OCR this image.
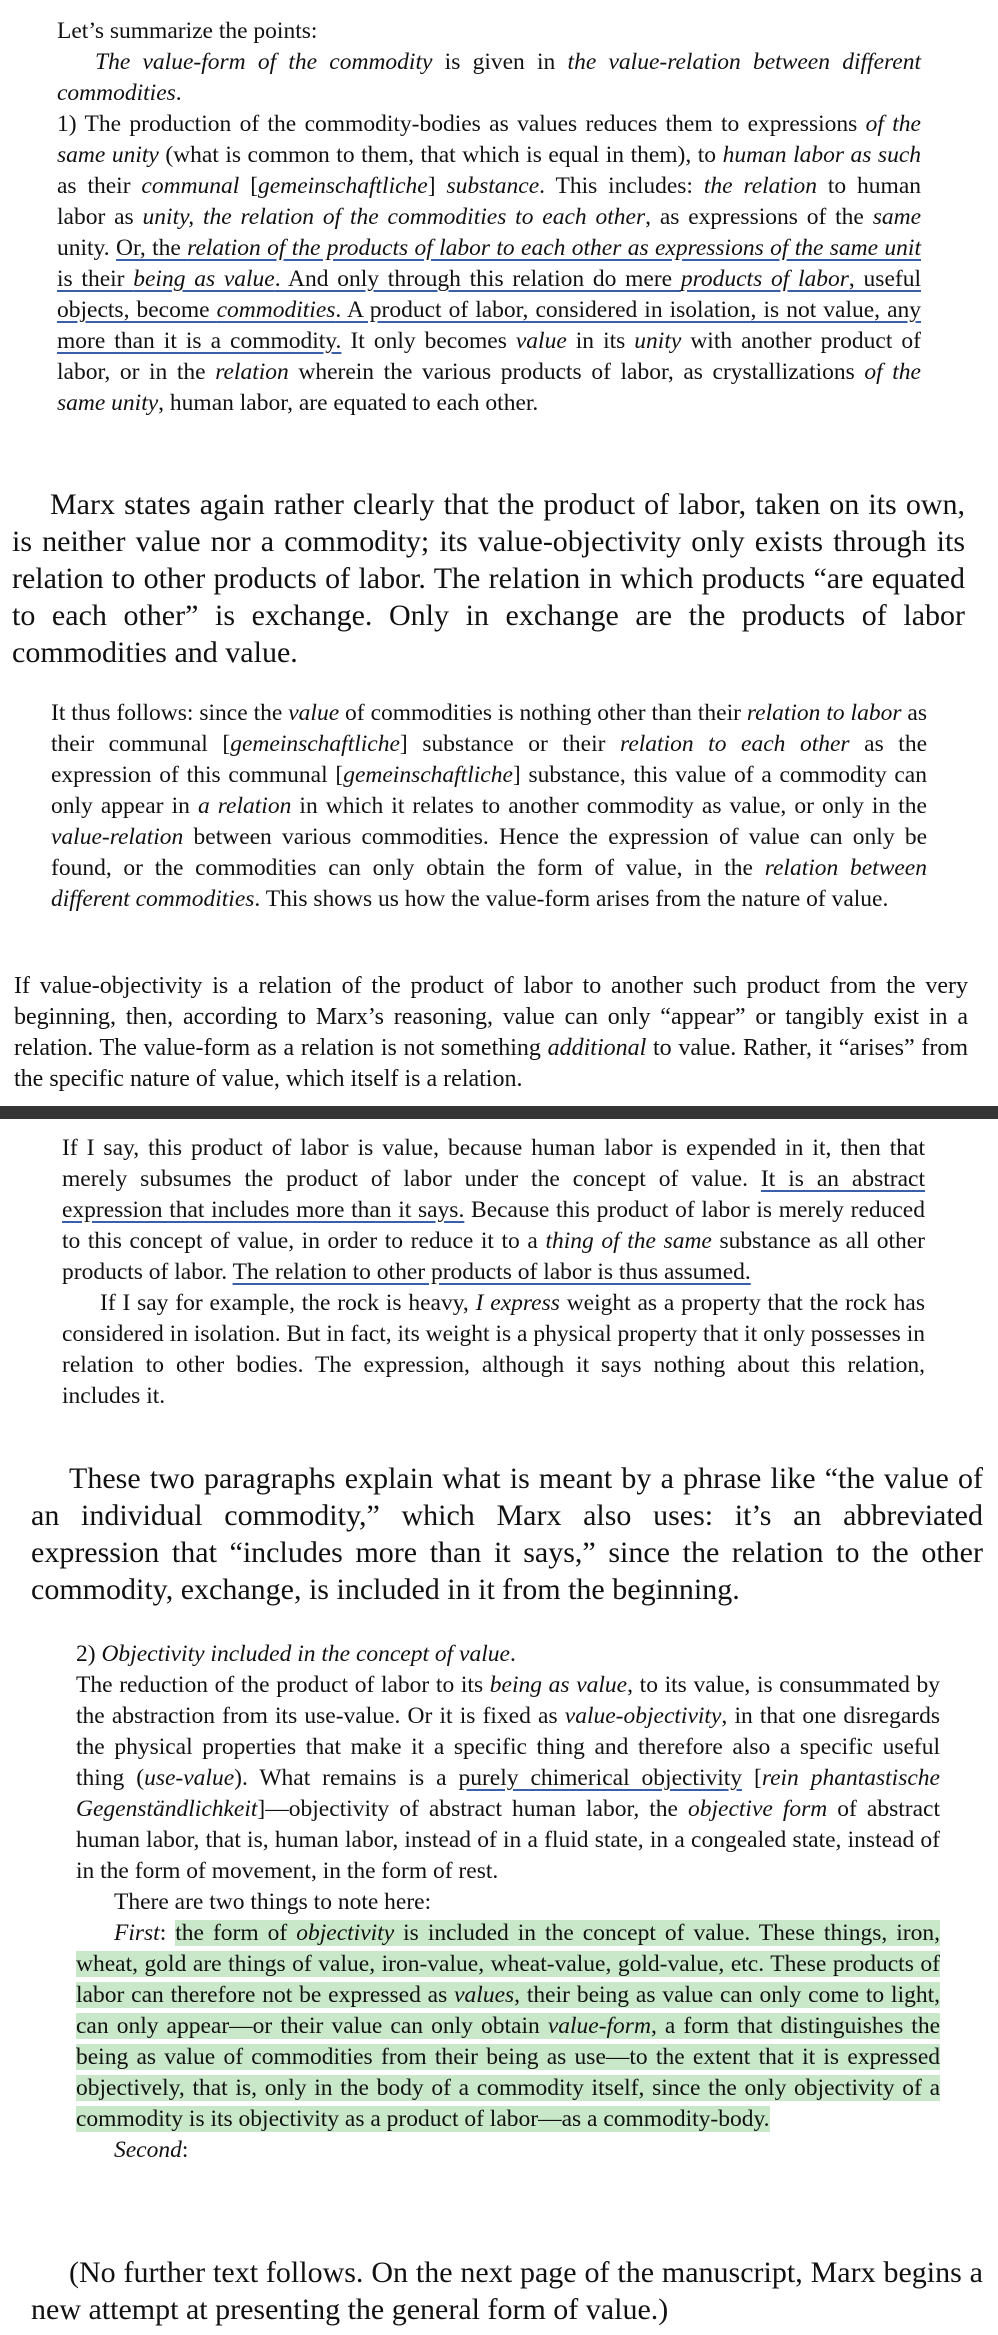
Let’s summarize the points:

The value-form of the commodity is given in the value-relation between different commodities.

1) The production of the commodity-bodies as values reduces them to expressions of the same unity (what is common to them, that which is equal in them), to human labor as such as their communal [gemeinschaftliche] substance. This includes: the relation to human labor as unity, the relation of the commodities to each other, as expressions of the same unity. Or, the relation of the products of labor to each other as expressions of the same unit is their being as value. And only through this relation do mere products of labor, useful objects, become commodities. A product of labor, considered in isolation, is not value, any more than it is a commodity. It only becomes value in its unity with another product of labor, or in the relation wherein the various products of labor, as crystallizations of the same unity, human labor, are equated to each other.

Marx states again rather clearly that the product of labor, taken on its own, is neither value nor a commodity; its value-objectivity only exists through its relation to other products of labor. The relation in which products “are equated to each other” is exchange. Only in exchange are the products of labor commodities and value.

It thus follows: since the value of commodities is nothing other than their relation to labor as their communal [gemeinschaftliche] substance or their relation to each other as the expression of this communal [gemeinschaftliche] substance, this value of a commodity can only appear in a relation in which it relates to another commodity as value, or only in the value-relation between various commodities. Hence the expression of value can only be found, or the commodities can only obtain the form of value, in the relation between different commodities. This shows us how the value-form arises from the nature of value.

If value-objectivity is a relation of the product of labor to another such product from the very beginning, then, according to Marx’s reasoning, value can only “appear” or tangibly exist in a relation. The value-form as a relation is not something additional to value. Rather, it “arises” from the specific nature of value, which itself is a relation.

If I say, this product of labor is value, because human labor is expended in it, then that merely subsumes the product of labor under the concept of value. It is an abstract expression that includes more than it says. Because this product of labor is merely reduced to this concept of value, in order to reduce it to a thing of the same substance as all other products of labor. The relation to other products of labor is thus assumed.

If I say for example, the rock is heavy, I express weight as a property that the rock has considered in isolation. But in fact, its weight is a physical property that it only possesses in relation to other bodies. The expression, although it says nothing about this relation, includes it.

These two paragraphs explain what is meant by a phrase like “the value of an individual commodity,” which Marx also uses: it’s an abbreviated expression that “includes more than it says,” since the relation to the other commodity, exchange, is included in it from the beginning.

2) Objectivity included in the concept of value.

The reduction of the product of labor to its being as value, to its value, is consummated by the abstraction from its use-value. Or it is fixed as value-objectivity, in that one disregards the physical properties that make it a specific thing and therefore also a specific useful thing (use-value). What remains is a purely chimerical objectivity [rein phantastische Gegenständlichkeit]—objectivity of abstract human labor, the objective form of abstract human labor, that is, human labor, instead of in a fluid state, in a congealed state, instead of in the form of movement, in the form of rest.

There are two things to note here:

First: the form of objectivity is included in the concept of value. These things, iron, wheat, gold are things of value, iron-value, wheat-value, gold-value, etc. These products of labor can therefore not be expressed as values, their being as value can only come to light, can only appear—or their value can only obtain value-form, a form that distinguishes the being as value of commodities from their being as use—to the extent that it is expressed objectively, that is, only in the body of a commodity itself, since the only objectivity of a commodity is its objectivity as a product of labor—as a commodity-body.

Second:

(No further text follows. On the next page of the manuscript, Marx begins a new attempt at presenting the general form of value.)
